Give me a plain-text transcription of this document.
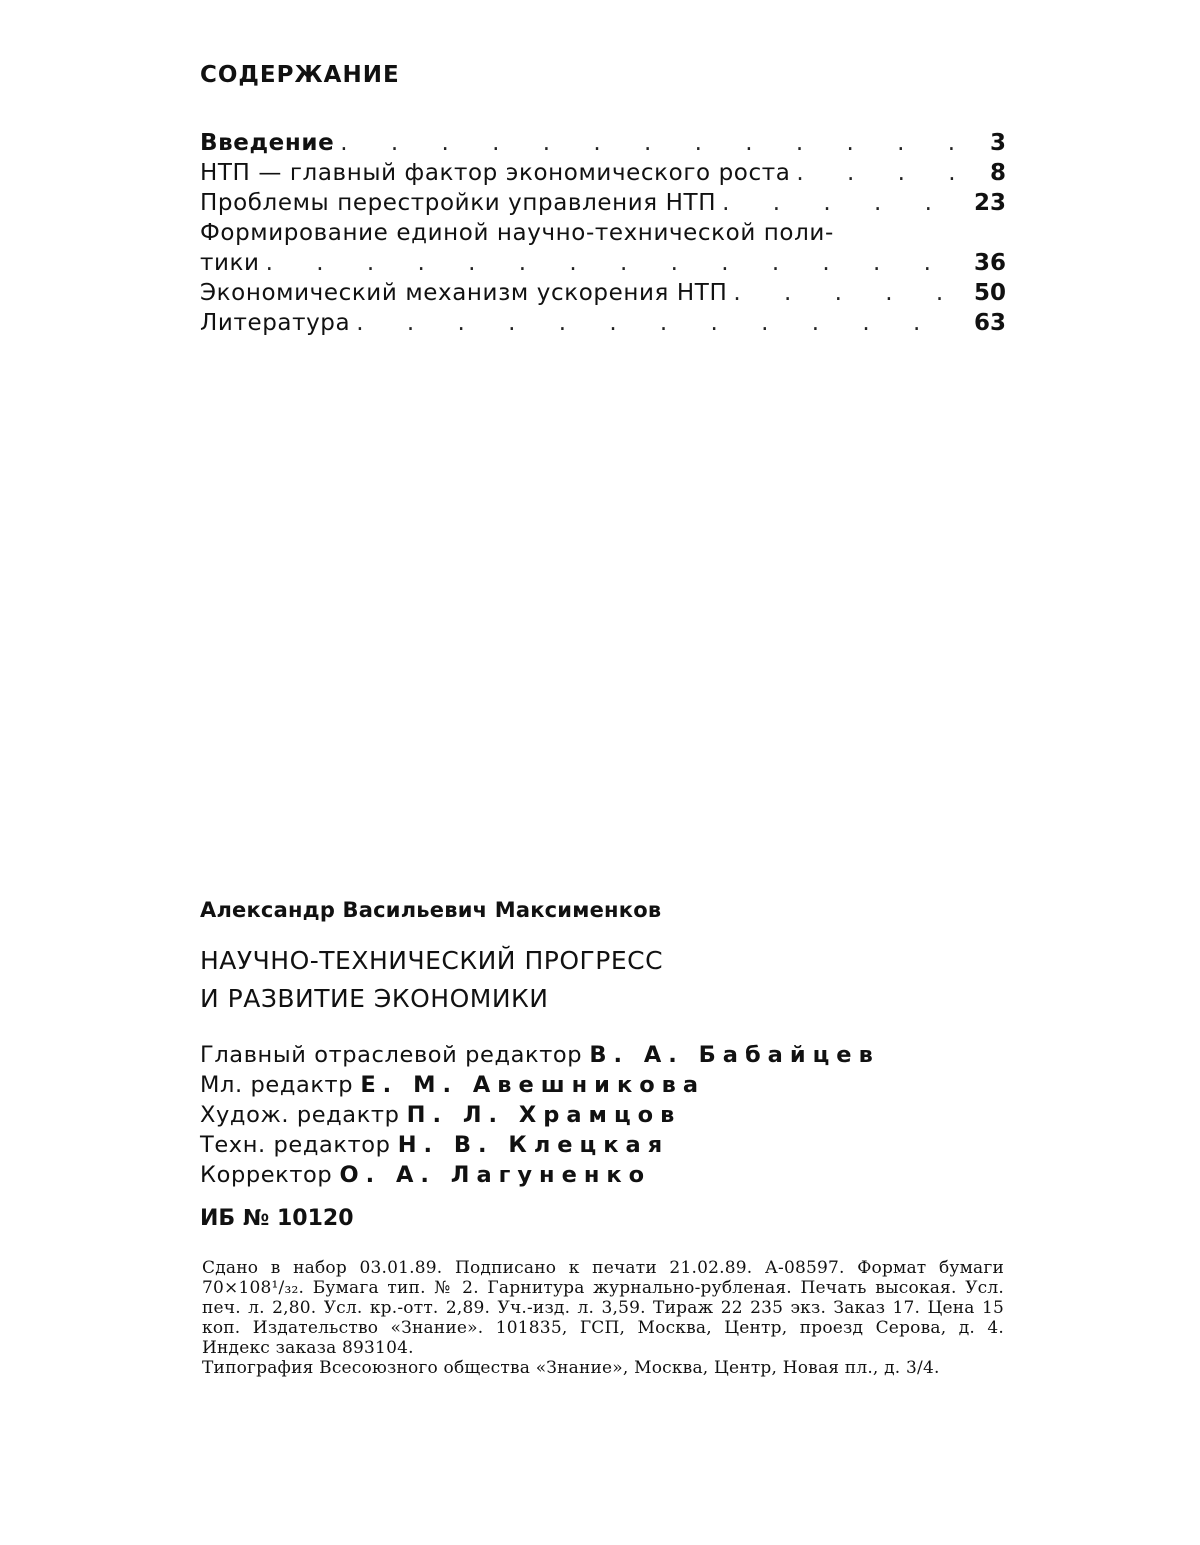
СОДЕРЖАНИЕ
Введение . . .	3
НТП — главный фактор экономического роста . . .	8
Проблемы перестройки управления НТП . . .	23
Формирование единой научно-технической поли-
тики . . .	36
Экономический механизм ускорения НТП . . .	50
Литература . . .	63

Александр Васильевич Максименков

НАУЧНО-ТЕХНИЧЕСКИЙ ПРОГРЕСС
И РАЗВИТИЕ ЭКОНОМИКИ
Главный отраслевой редактор В. А. Бабайцев
Мл. редактр Е. М. Авешникова
Худож. редактр П. Л. Храмцов
Техн. редактор Н. В. Клецкая
Корректор О. А. Лагуненко
ИБ № 10120

Сдано в набор 03.01.89. Подписано к печати 21.02.89. А-08597. Формат бумаги 70×108¹/₃₂. Бумага тип. № 2. Гарнитура журнально-рубленая. Печать высокая. Усл. печ. л. 2,80. Усл. кр.-отт. 2,89. Уч.-изд. л. 3,59. Тираж 22 235 экз. Заказ 17. Цена 15 коп. Издательство «Знание». 101835, ГСП, Москва, Центр, проезд Серова, д. 4. Индекс заказа 893104.

Типография Всесоюзного общества «Знание», Москва, Центр, Новая пл., д. 3/4.
